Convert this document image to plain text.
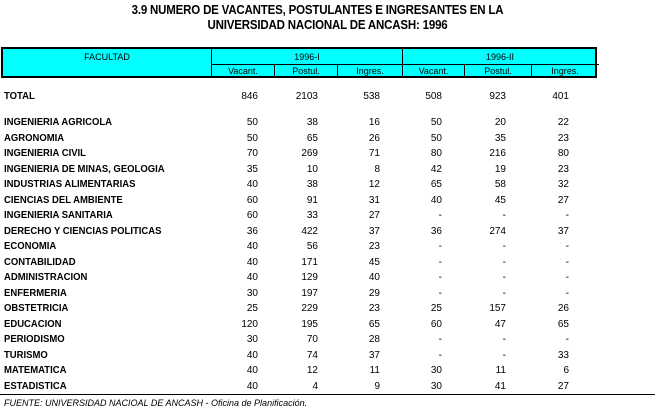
3.9 NUMERO DE VACANTES, POSTULANTES E INGRESANTES EN LA
UNIVERSIDAD NACIONAL DE ANCASH: 1996
FACULTAD	1996-I	1996-II
Vacant.	Postul.	Ingres.	Vacant.	Postul.	Ingres.
TOTAL	846	2103	538	508	923	401
INGENIERIA AGRICOLA	50	38	16	50	20	22
AGRONOMIA	50	65	26	50	35	23
INGENIERIA CIVIL	70	269	71	80	216	80
INGENIERIA DE MINAS, GEOLOGIA	35	10	8	42	19	23
INDUSTRIAS ALIMENTARIAS	40	38	12	65	58	32
CIENCIAS DEL AMBIENTE	60	91	31	40	45	27
INGENIERIA SANITARIA	60	33	27	-	-	-
DERECHO Y CIENCIAS POLITICAS	36	422	37	36	274	37
ECONOMIA	40	56	23	-	-	-
CONTABILIDAD	40	171	45	-	-	-
ADMINISTRACION	40	129	40	-	-	-
ENFERMERIA	30	197	29	-	-	-
OBSTETRICIA	25	229	23	25	157	26
EDUCACION	120	195	65	60	47	65
PERIODISMO	30	70	28	-	-	-
TURISMO	40	74	37	-	-	33
MATEMATICA	40	12	11	30	11	6
ESTADISTICA	40	4	9	30	41	27
FUENTE: UNIVERSIDAD NACIOAL DE ANCASH - Oficina de Planificación.
